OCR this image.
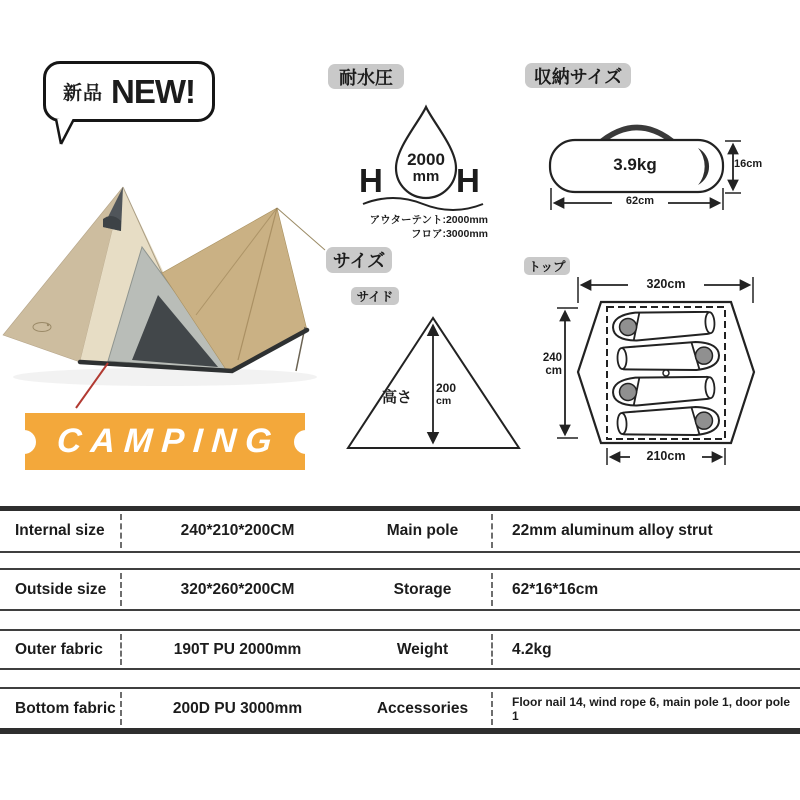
新品 NEW!
CAMPING
耐水圧	収納サイズ
サイズ
サイド
トップ
2000
mm
H H
アウターテント:2000mm
フロア:3000mm
3.9kg	16cm
62cm
高さ
200
cm
320cm
240
cm
210cm
Internal size	240*210*200CM	Main pole	22mm aluminum alloy strut
Outside size	320*260*200CM	Storage	62*16*16cm
Outer fabric	190T PU 2000mm	Weight	4.2kg
Bottom fabric	200D PU 3000mm	Accessories	Floor nail 14, wind rope 6, main pole 1, door pole 1
